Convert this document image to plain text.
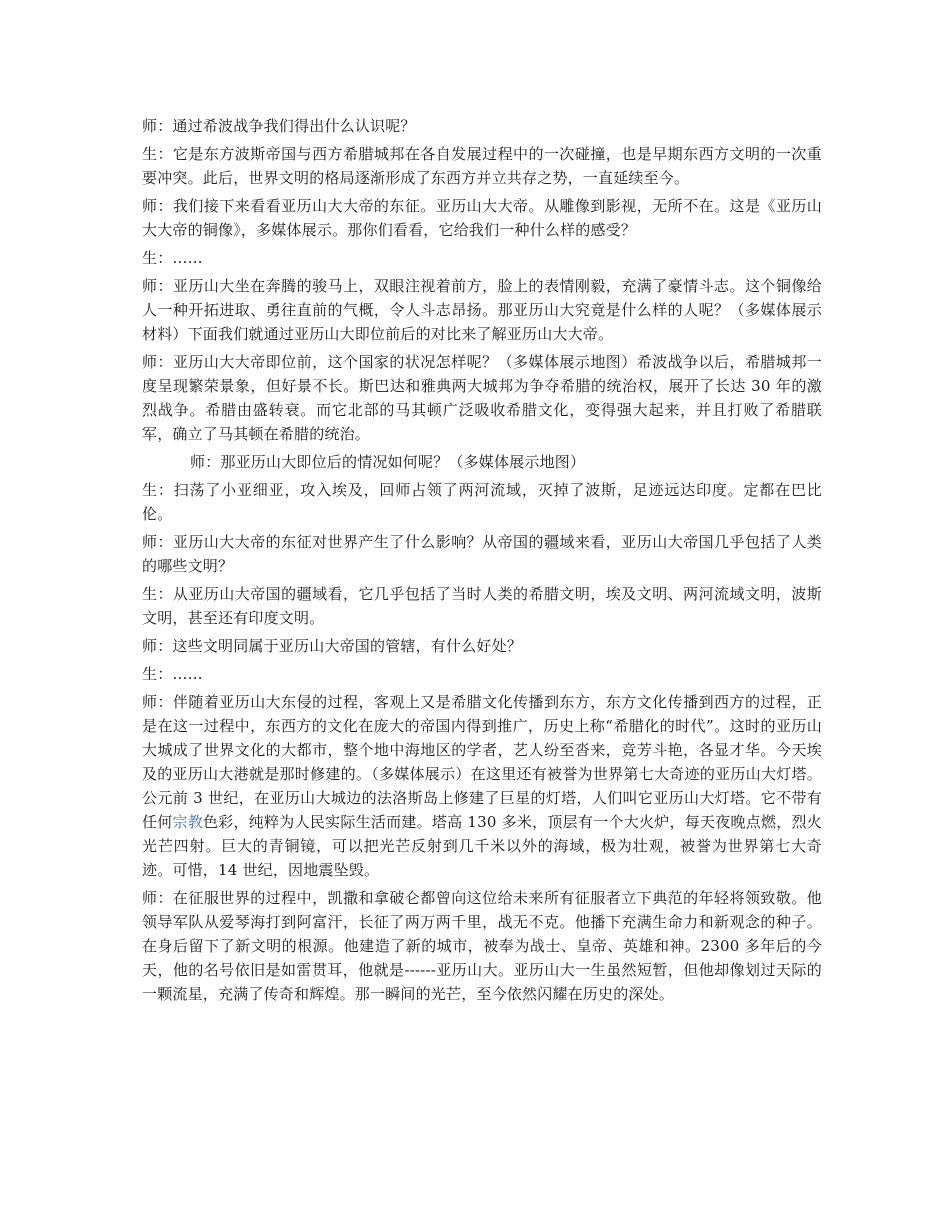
师：通过希波战争我们得出什么认识呢？

生：它是东方波斯帝国与西方希腊城邦在各自发展过程中的一次碰撞，也是早期东西方文明的一次重要冲突。此后，世界文明的格局逐渐形成了东西方并立共存之势，一直延续至今。

师：我们接下来看看亚历山大大帝的东征。亚历山大大帝。从雕像到影视，无所不在。这是《亚历山大大帝的铜像》，多媒体展示。那你们看看，它给我们一种什么样的感受？

生：……

师：亚历山大坐在奔腾的骏马上，双眼注视着前方，脸上的表情刚毅，充满了豪情斗志。这个铜像给人一种开拓进取、勇往直前的气概，令人斗志昂扬。那亚历山大究竟是什么样的人呢？（多媒体展示材料）下面我们就通过亚历山大即位前后的对比来了解亚历山大大帝。

师：亚历山大大帝即位前，这个国家的状况怎样呢？（多媒体展示地图）希波战争以后，希腊城邦一度呈现繁荣景象，但好景不长。斯巴达和雅典两大城邦为争夺希腊的统治权，展开了长达 30 年的激烈战争。希腊由盛转衰。而它北部的马其顿广泛吸收希腊文化，变得强大起来，并且打败了希腊联军，确立了马其顿在希腊的统治。

师：那亚历山大即位后的情况如何呢？（多媒体展示地图）

生：扫荡了小亚细亚，攻入埃及，回师占领了两河流域，灭掉了波斯，足迹远达印度。定都在巴比伦。

师：亚历山大大帝的东征对世界产生了什么影响？从帝国的疆域来看，亚历山大帝国几乎包括了人类的哪些文明？

生：从亚历山大帝国的疆域看，它几乎包括了当时人类的希腊文明，埃及文明、两河流域文明，波斯文明，甚至还有印度文明。

师：这些文明同属于亚历山大帝国的管辖，有什么好处？

生：……

师：伴随着亚历山大东侵的过程，客观上又是希腊文化传播到东方，东方文化传播到西方的过程，正是在这一过程中，东西方的文化在庞大的帝国内得到推广，历史上称“希腊化的时代”。这时的亚历山大城成了世界文化的大都市，整个地中海地区的学者，艺人纷至沓来，竞芳斗艳，各显才华。今天埃及的亚历山大港就是那时修建的。（多媒体展示）在这里还有被誉为世界第七大奇迹的亚历山大灯塔。公元前 3 世纪，在亚历山大城边的法洛斯岛上修建了巨星的灯塔，人们叫它亚历山大灯塔。它不带有任何宗教色彩，纯粹为人民实际生活而建。塔高 130 多米，顶层有一个大火炉，每天夜晚点燃，烈火光芒四射。巨大的青铜镜，可以把光芒反射到几千米以外的海域，极为壮观，被誉为世界第七大奇迹。可惜，14 世纪，因地震坠毁。

师：在征服世界的过程中，凯撒和拿破仑都曾向这位给未来所有征服者立下典范的年轻将领致敬。他领导军队从爱琴海打到阿富汗，长征了两万两千里，战无不克。他播下充满生命力和新观念的种子。在身后留下了新文明的根源。他建造了新的城市，被奉为战士、皇帝、英雄和神。2300 多年后的今天，他的名号依旧是如雷贯耳，他就是------亚历山大。亚历山大一生虽然短暂，但他却像划过天际的一颗流星，充满了传奇和辉煌。那一瞬间的光芒，至今依然闪耀在历史的深处。
